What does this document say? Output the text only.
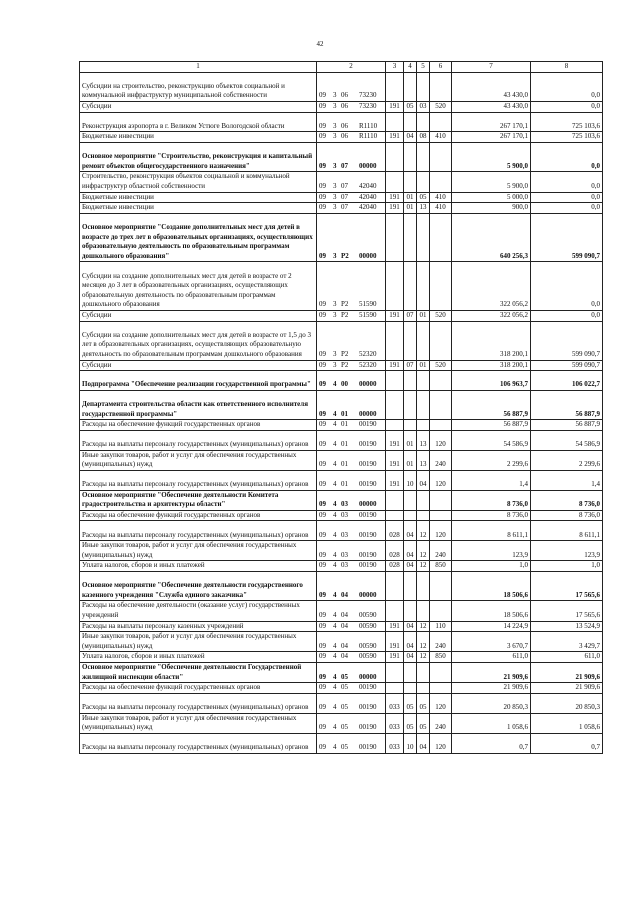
42
1	2	3	4	5	6	7	8
Субсидии на строительство, реконструкцию объектов социальной и коммунальной инфраструктур муниципальной собственности	09 3 06 73230					43 430,0	0,0
Субсидии	09 3 06 73230	191	05	03	520	43 430,0	0,0
Реконструкция аэропорта в г. Великом Устюге Вологодской области	09 3 06 R1110					267 170,1	725 103,6
Бюджетные инвестиции	09 3 06 R1110	191	04	08	410	267 170,1	725 103,6
Основное мероприятие "Строительство, реконструкция и капитальный ремонт объектов общегосударственного назначения"	09 3 07 00000					5 900,0	0,0
Строительство, реконструкция объектов социальной и коммунальной инфраструктур областной собственности	09 3 07 42040					5 900,0	0,0
Бюджетные инвестиции	09 3 07 42040	191	01	05	410	5 000,0	0,0
Бюджетные инвестиции	09 3 07 42040	191	01	13	410	900,0	0,0
Основное мероприятие "Создание дополнительных мест для детей в возрасте до трех лет в образовательных организациях, осуществляющих образовательную деятельность по образовательным программам дошкольного образования"	09 3 P2 00000					640 256,3	599 090,7
Субсидии на создание дополнительных мест для детей в возрасте от 2 месяцев до 3 лет в образовательных организациях, осуществляющих образовательную деятельность по образовательным программам дошкольного образования	09 3 P2 51590					322 056,2	0,0
Субсидии	09 3 P2 51590	191	07	01	520	322 056,2	0,0
Субсидии на создание дополнительных мест для детей в возрасте от 1,5 до 3 лет в образовательных организациях, осуществляющих образовательную деятельность по образовательным программам дошкольного образования	09 3 P2 52320					318 200,1	599 090,7
Субсидии	09 3 P2 52320	191	07	01	520	318 200,1	599 090,7
Подпрограмма "Обеспечение реализации государственной программы"	09 4 00 00000					106 963,7	106 022,7
Департамента строительства области как ответственного исполнителя государственной программы"	09 4 01 00000					56 887,9	56 887,9
Расходы на обеспечение функций государственных органов	09 4 01 00190					56 887,9	56 887,9
Расходы на выплаты персоналу государственных (муниципальных) органов	09 4 01 00190	191	01	13	120	54 586,9	54 586,9
Иные закупки товаров, работ и услуг для обеспечения государственных (муниципальных) нужд	09 4 01 00190	191	01	13	240	2 299,6	2 299,6
Расходы на выплаты персоналу государственных (муниципальных) органов	09 4 01 00190	191	10	04	120	1,4	1,4
Основное мероприятие "Обеспечение деятельности Комитета градостроительства и архитектуры области"	09 4 03 00000					8 736,0	8 736,0
Расходы на обеспечение функций государственных органов	09 4 03 00190					8 736,0	8 736,0
Расходы на выплаты персоналу государственных (муниципальных) органов	09 4 03 00190	028	04	12	120	8 611,1	8 611,1
Иные закупки товаров, работ и услуг для обеспечения государственных (муниципальных) нужд	09 4 03 00190	028	04	12	240	123,9	123,9
Уплата налогов, сборов и иных платежей	09 4 03 00190	028	04	12	850	1,0	1,0
Основное мероприятие "Обеспечение деятельности государственного казенного учреждения "Служба единого заказчика"	09 4 04 00000					18 506,6	17 565,6
Расходы на обеспечение деятельности (оказание услуг) государственных учреждений	09 4 04 00590					18 506,6	17 565,6
Расходы на выплаты персоналу казенных учреждений	09 4 04 00590	191	04	12	110	14 224,9	13 524,9
Иные закупки товаров, работ и услуг для обеспечения государственных (муниципальных) нужд	09 4 04 00590	191	04	12	240	3 670,7	3 429,7
Уплата налогов, сборов и иных платежей	09 4 04 00590	191	04	12	850	611,0	611,0
Основное мероприятие "Обеспечение деятельности Государственной жилищной инспекции области"	09 4 05 00000					21 909,6	21 909,6
Расходы на обеспечение функций государственных органов	09 4 05 00190					21 909,6	21 909,6
Расходы на выплаты персоналу государственных (муниципальных) органов	09 4 05 00190	033	05	05	120	20 850,3	20 850,3
Иные закупки товаров, работ и услуг для обеспечения государственных (муниципальных) нужд	09 4 05 00190	033	05	05	240	1 058,6	1 058,6
Расходы на выплаты персоналу государственных (муниципальных) органов	09 4 05 00190	033	10	04	120	0,7	0,7
